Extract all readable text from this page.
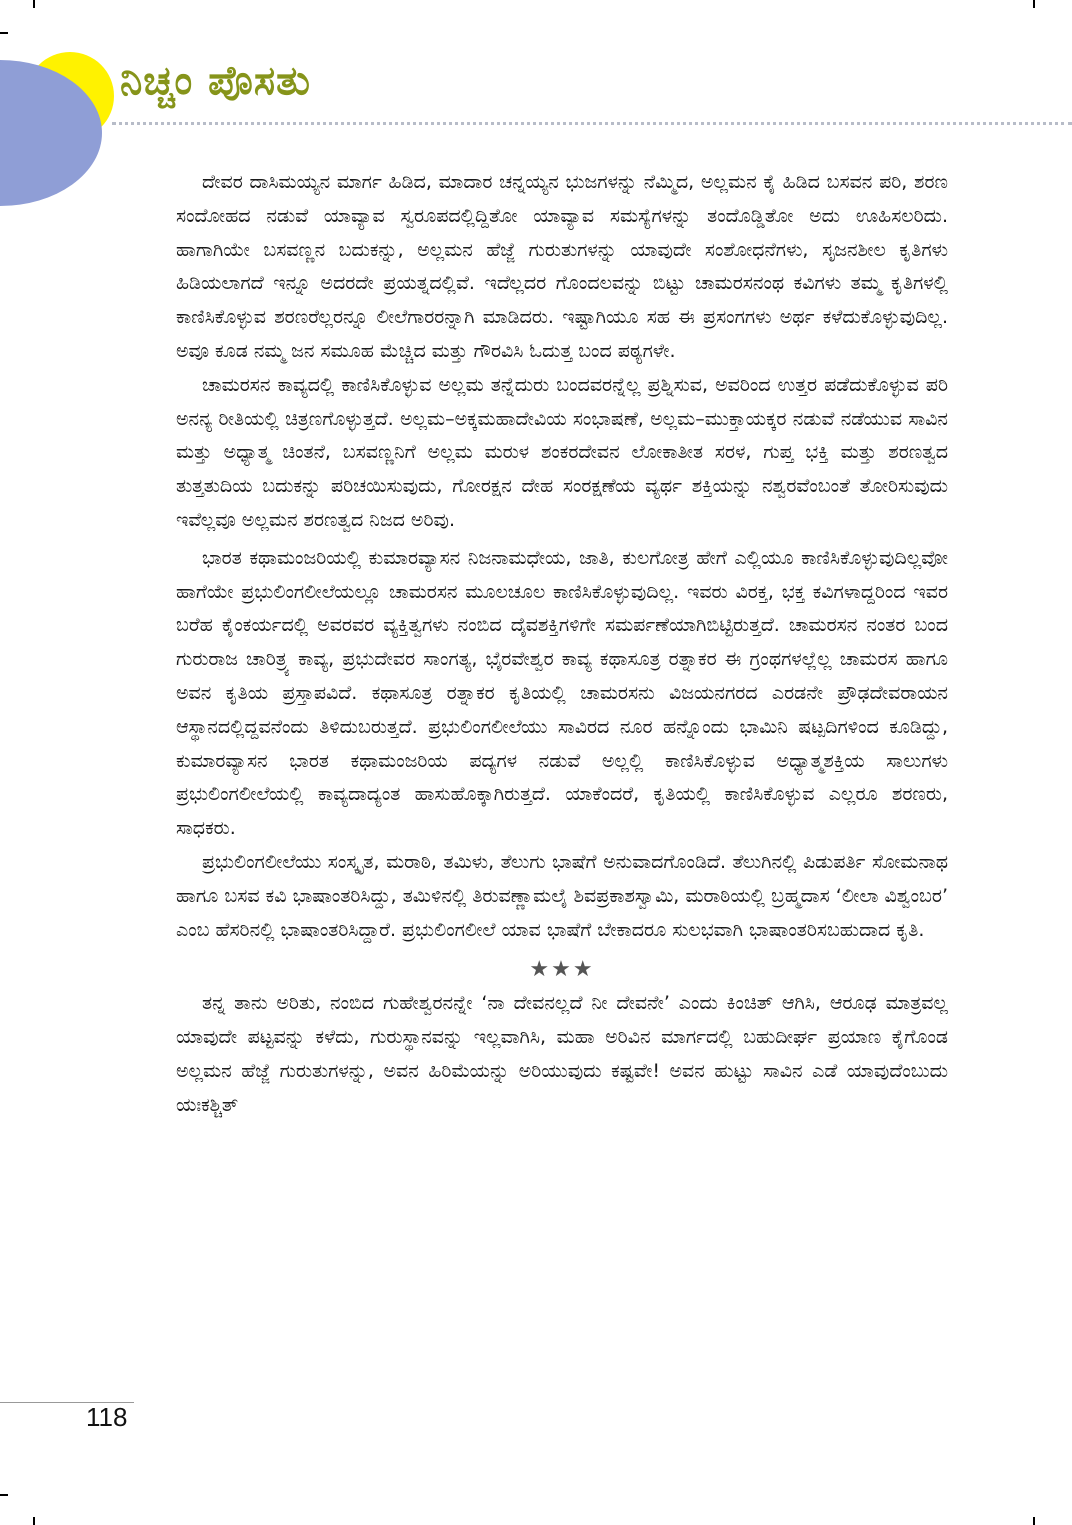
ನಿಚ್ಚಂ ಪೊಸತು

ದೇವರ ದಾಸಿಮಯ್ಯನ ಮಾರ್ಗ ಹಿಡಿದ, ಮಾದಾರ ಚನ್ನಯ್ಯನ ಭುಜಗಳನ್ನು ನೆಮ್ಮಿದ, ಅಲ್ಲಮನ ಕೈ ಹಿಡಿದ ಬಸವನ ಪರಿ, ಶರಣ ಸಂದೋಹದ ನಡುವೆ ಯಾವ್ಯಾವ ಸ್ವರೂಪದಲ್ಲಿದ್ದಿತೋ ಯಾವ್ಯಾವ ಸಮಸ್ಯೆಗಳನ್ನು ತಂದೊಡ್ಡಿತೋ ಅದು ಊಹಿಸಲರಿದು. ಹಾಗಾಗಿಯೇ ಬಸವಣ್ಣನ ಬದುಕನ್ನು, ಅಲ್ಲಮನ ಹೆಜ್ಜೆ ಗುರುತುಗಳನ್ನು ಯಾವುದೇ ಸಂಶೋಧನೆಗಳು, ಸೃಜನಶೀಲ ಕೃತಿಗಳು ಹಿಡಿಯಲಾಗದೆ ಇನ್ನೂ ಅದರದೇ ಪ್ರಯತ್ನದಲ್ಲಿವೆ. ಇದೆಲ್ಲದರ ಗೊಂದಲವನ್ನು ಬಿಟ್ಟು ಚಾಮರಸನಂಥ ಕವಿಗಳು ತಮ್ಮ ಕೃತಿಗಳಲ್ಲಿ ಕಾಣಿಸಿಕೊಳ್ಳುವ ಶರಣರೆಲ್ಲರನ್ನೂ ಲೀಲೆಗಾರರನ್ನಾಗಿ ಮಾಡಿದರು. ಇಷ್ಟಾಗಿಯೂ ಸಹ ಈ ಪ್ರಸಂಗಗಳು ಅರ್ಥ ಕಳೆದುಕೊಳ್ಳುವುದಿಲ್ಲ. ಅವೂ ಕೂಡ ನಮ್ಮ ಜನ ಸಮೂಹ ಮೆಚ್ಚಿದ ಮತ್ತು ಗೌರವಿಸಿ ಓದುತ್ತ ಬಂದ ಪಠ್ಯಗಳೇ.

ಚಾಮರಸನ ಕಾವ್ಯದಲ್ಲಿ ಕಾಣಿಸಿಕೊಳ್ಳುವ ಅಲ್ಲಮ ತನ್ನೆದುರು ಬಂದವರನ್ನೆಲ್ಲ ಪ್ರಶ್ನಿಸುವ, ಅವರಿಂದ ಉತ್ತರ ಪಡೆದುಕೊಳ್ಳುವ ಪರಿ ಅನನ್ಯ ರೀತಿಯಲ್ಲಿ ಚಿತ್ರಣಗೊಳ್ಳುತ್ತದೆ. ಅಲ್ಲಮ–ಅಕ್ಕಮಹಾದೇವಿಯ ಸಂಭಾಷಣೆ, ಅಲ್ಲಮ–ಮುಕ್ತಾಯಕ್ಕರ ನಡುವೆ ನಡೆಯುವ ಸಾವಿನ ಮತ್ತು ಅಧ್ಯಾತ್ಮ ಚಿಂತನೆ, ಬಸವಣ್ಣನಿಗೆ ಅಲ್ಲಮ ಮರುಳ ಶಂಕರದೇವನ ಲೋಕಾತೀತ ಸರಳ, ಗುಪ್ತ ಭಕ್ತಿ ಮತ್ತು ಶರಣತ್ವದ ತುತ್ತತುದಿಯ ಬದುಕನ್ನು ಪರಿಚಯಿಸುವುದು, ಗೋರಕ್ಷನ ದೇಹ ಸಂರಕ್ಷಣೆಯ ವ್ಯರ್ಥ ಶಕ್ತಿಯನ್ನು ನಶ್ವರವೆಂಬಂತೆ ತೋರಿಸುವುದು ಇವೆಲ್ಲವೂ ಅಲ್ಲಮನ ಶರಣತ್ವದ ನಿಜದ ಅರಿವು.

ಭಾರತ ಕಥಾಮಂಜರಿಯಲ್ಲಿ ಕುಮಾರವ್ಯಾಸನ ನಿಜನಾಮಧೇಯ, ಜಾತಿ, ಕುಲಗೋತ್ರ ಹೇಗೆ ಎಲ್ಲಿಯೂ ಕಾಣಿಸಿಕೊಳ್ಳುವುದಿಲ್ಲವೋ ಹಾಗೆಯೇ ಪ್ರಭುಲಿಂಗಲೀಲೆಯಲ್ಲೂ ಚಾಮರಸನ ಮೂಲಚೂಲ ಕಾಣಿಸಿಕೊಳ್ಳುವುದಿಲ್ಲ. ಇವರು ವಿರಕ್ತ, ಭಕ್ತ ಕವಿಗಳಾದ್ದರಿಂದ ಇವರ ಬರೆಹ ಕೈಂಕರ್ಯದಲ್ಲಿ ಅವರವರ ವ್ಯಕ್ತಿತ್ವಗಳು ನಂಬಿದ ದೈವಶಕ್ತಿಗಳಿಗೇ ಸಮರ್ಪಣೆಯಾಗಿಬಿಟ್ಟಿರುತ್ತದೆ. ಚಾಮರಸನ ನಂತರ ಬಂದ ಗುರುರಾಜ ಚಾರಿತ್ರ್ಯ ಕಾವ್ಯ, ಪ್ರಭುದೇವರ ಸಾಂಗತ್ಯ, ಭೈರವೇಶ್ವರ ಕಾವ್ಯ ಕಥಾಸೂತ್ರ ರತ್ನಾಕರ ಈ ಗ್ರಂಥಗಳಲ್ಲೆಲ್ಲ ಚಾಮರಸ ಹಾಗೂ ಅವನ ಕೃತಿಯ ಪ್ರಸ್ತಾಪವಿದೆ. ಕಥಾಸೂತ್ರ ರತ್ನಾಕರ ಕೃತಿಯಲ್ಲಿ ಚಾಮರಸನು ವಿಜಯನಗರದ ಎರಡನೇ ಪ್ರೌಢದೇವರಾಯನ ಆಸ್ಥಾನದಲ್ಲಿದ್ದವನೆಂದು ತಿಳಿದುಬರುತ್ತದೆ. ಪ್ರಭುಲಿಂಗಲೀಲೆಯು ಸಾವಿರದ ನೂರ ಹನ್ನೊಂದು ಭಾಮಿನಿ ಷಟ್ಪದಿಗಳಿಂದ ಕೂಡಿದ್ದು, ಕುಮಾರವ್ಯಾಸನ ಭಾರತ ಕಥಾಮಂಜರಿಯ ಪದ್ಯಗಳ ನಡುವೆ ಅಲ್ಲಲ್ಲಿ ಕಾಣಿಸಿಕೊಳ್ಳುವ ಅಧ್ಯಾತ್ಮಶಕ್ತಿಯ ಸಾಲುಗಳು ಪ್ರಭುಲಿಂಗಲೀಲೆಯಲ್ಲಿ ಕಾವ್ಯದಾದ್ಯಂತ ಹಾಸುಹೊಕ್ಕಾಗಿರುತ್ತದೆ. ಯಾಕೆಂದರೆ, ಕೃತಿಯಲ್ಲಿ ಕಾಣಿಸಿಕೊಳ್ಳುವ ಎಲ್ಲರೂ ಶರಣರು, ಸಾಧಕರು.

ಪ್ರಭುಲಿಂಗಲೀಲೆಯು ಸಂಸ್ಕೃತ, ಮರಾಠಿ, ತಮಿಳು, ತೆಲುಗು ಭಾಷೆಗೆ ಅನುವಾದಗೊಂಡಿದೆ. ತೆಲುಗಿನಲ್ಲಿ ಪಿಡುಪರ್ತಿ ಸೋಮನಾಥ ಹಾಗೂ ಬಸವ ಕವಿ ಭಾಷಾಂತರಿಸಿದ್ದು, ತಮಿಳಿನಲ್ಲಿ ತಿರುವಣ್ಣಾಮಲೈ ಶಿವಪ್ರಕಾಶಸ್ವಾಮಿ, ಮರಾಠಿಯಲ್ಲಿ ಬ್ರಹ್ಮದಾಸ ‘ಲೀಲಾ ವಿಶ್ವಂಬರ’ ಎಂಬ ಹೆಸರಿನಲ್ಲಿ ಭಾಷಾಂತರಿಸಿದ್ದಾರೆ. ಪ್ರಭುಲಿಂಗಲೀಲೆ ಯಾವ ಭಾಷೆಗೆ ಬೇಕಾದರೂ ಸುಲಭವಾಗಿ ಭಾಷಾಂತರಿಸಬಹುದಾದ ಕೃತಿ.

★★★

ತನ್ನ ತಾನು ಅರಿತು, ನಂಬಿದ ಗುಹೇಶ್ವರನನ್ನೇ ‘ನಾ ದೇವನಲ್ಲದೆ ನೀ ದೇವನೇ’ ಎಂದು ಕಿಂಚಿತ್ ಆಗಿಸಿ, ಆರೂಢ ಮಾತ್ರವಲ್ಲ ಯಾವುದೇ ಪಟ್ಟವನ್ನು ಕಳೆದು, ಗುರುಸ್ಥಾನವನ್ನು ಇಲ್ಲವಾಗಿಸಿ, ಮಹಾ ಅರಿವಿನ ಮಾರ್ಗದಲ್ಲಿ ಬಹುದೀರ್ಘ ಪ್ರಯಾಣ ಕೈಗೊಂಡ ಅಲ್ಲಮನ ಹೆಜ್ಜೆ ಗುರುತುಗಳನ್ನು, ಅವನ ಹಿರಿಮೆಯನ್ನು ಅರಿಯುವುದು ಕಷ್ಟವೇ! ಅವನ ಹುಟ್ಟು ಸಾವಿನ ಎಡೆ ಯಾವುದೆಂಬುದು ಯಃಕಶ್ಚಿತ್

118
